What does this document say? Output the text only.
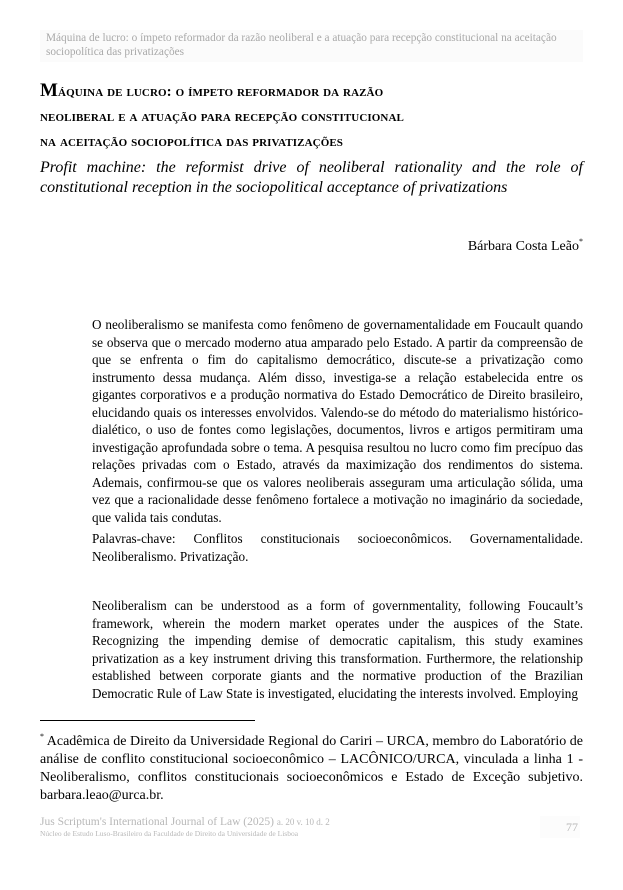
Máquina de lucro: o ímpeto reformador da razão neoliberal e a atuação para recepção constitucional na aceitação sociopolítica das privatizações
Máquina de lucro: o ímpeto reformador da razão
neoliberal e a atuação para recepção constitucional
na aceitação sociopolítica das privatizações
Profit machine: the reformist drive of neoliberal rationality and the role of constitutional reception in the sociopolitical acceptance of privatizations
Bárbara Costa Leão*
O neoliberalismo se manifesta como fenômeno de governamentalidade em Foucault quando se observa que o mercado moderno atua amparado pelo Estado. A partir da compreensão de que se enfrenta o fim do capitalismo democrático, discute-se a privatização como instrumento dessa mudança. Além disso, investiga-se a relação estabelecida entre os gigantes corporativos e a produção normativa do Estado Democrático de Direito brasileiro, elucidando quais os interesses envolvidos. Valendo-se do método do materialismo histórico-dialético, o uso de fontes como legislações, documentos, livros e artigos permitiram uma investigação aprofundada sobre o tema. A pesquisa resultou no lucro como fim precípuo das relações privadas com o Estado, através da maximização dos rendimentos do sistema. Ademais, confirmou-se que os valores neoliberais asseguram uma articulação sólida, uma vez que a racionalidade desse fenômeno fortalece a motivação no imaginário da sociedade, que valida tais condutas.
Palavras-chave: Conflitos constitucionais socioeconômicos. Governamentalidade.
Neoliberalismo. Privatização.
Neoliberalism can be understood as a form of governmentality, following Foucault’s framework, wherein the modern market operates under the auspices of the State. Recognizing the impending demise of democratic capitalism, this study examines privatization as a key instrument driving this transformation. Furthermore, the relationship established between corporate giants and the normative production of the Brazilian Democratic Rule of Law State is investigated, elucidating the interests involved. Employing
* Acadêmica de Direito da Universidade Regional do Cariri – URCA, membro do Laboratório de análise de conflito constitucional socioeconômico – LACÔNICO/URCA, vinculada a linha 1 - Neoliberalismo, conflitos constitucionais socioeconômicos e Estado de Exceção subjetivo. barbara.leao@urca.br.
Jus Scriptum's International Journal of Law (2025) a. 20 v. 10 d. 2
Núcleo de Estudo Luso-Brasileiro da Faculdade de Direito da Universidade de Lisboa	77
